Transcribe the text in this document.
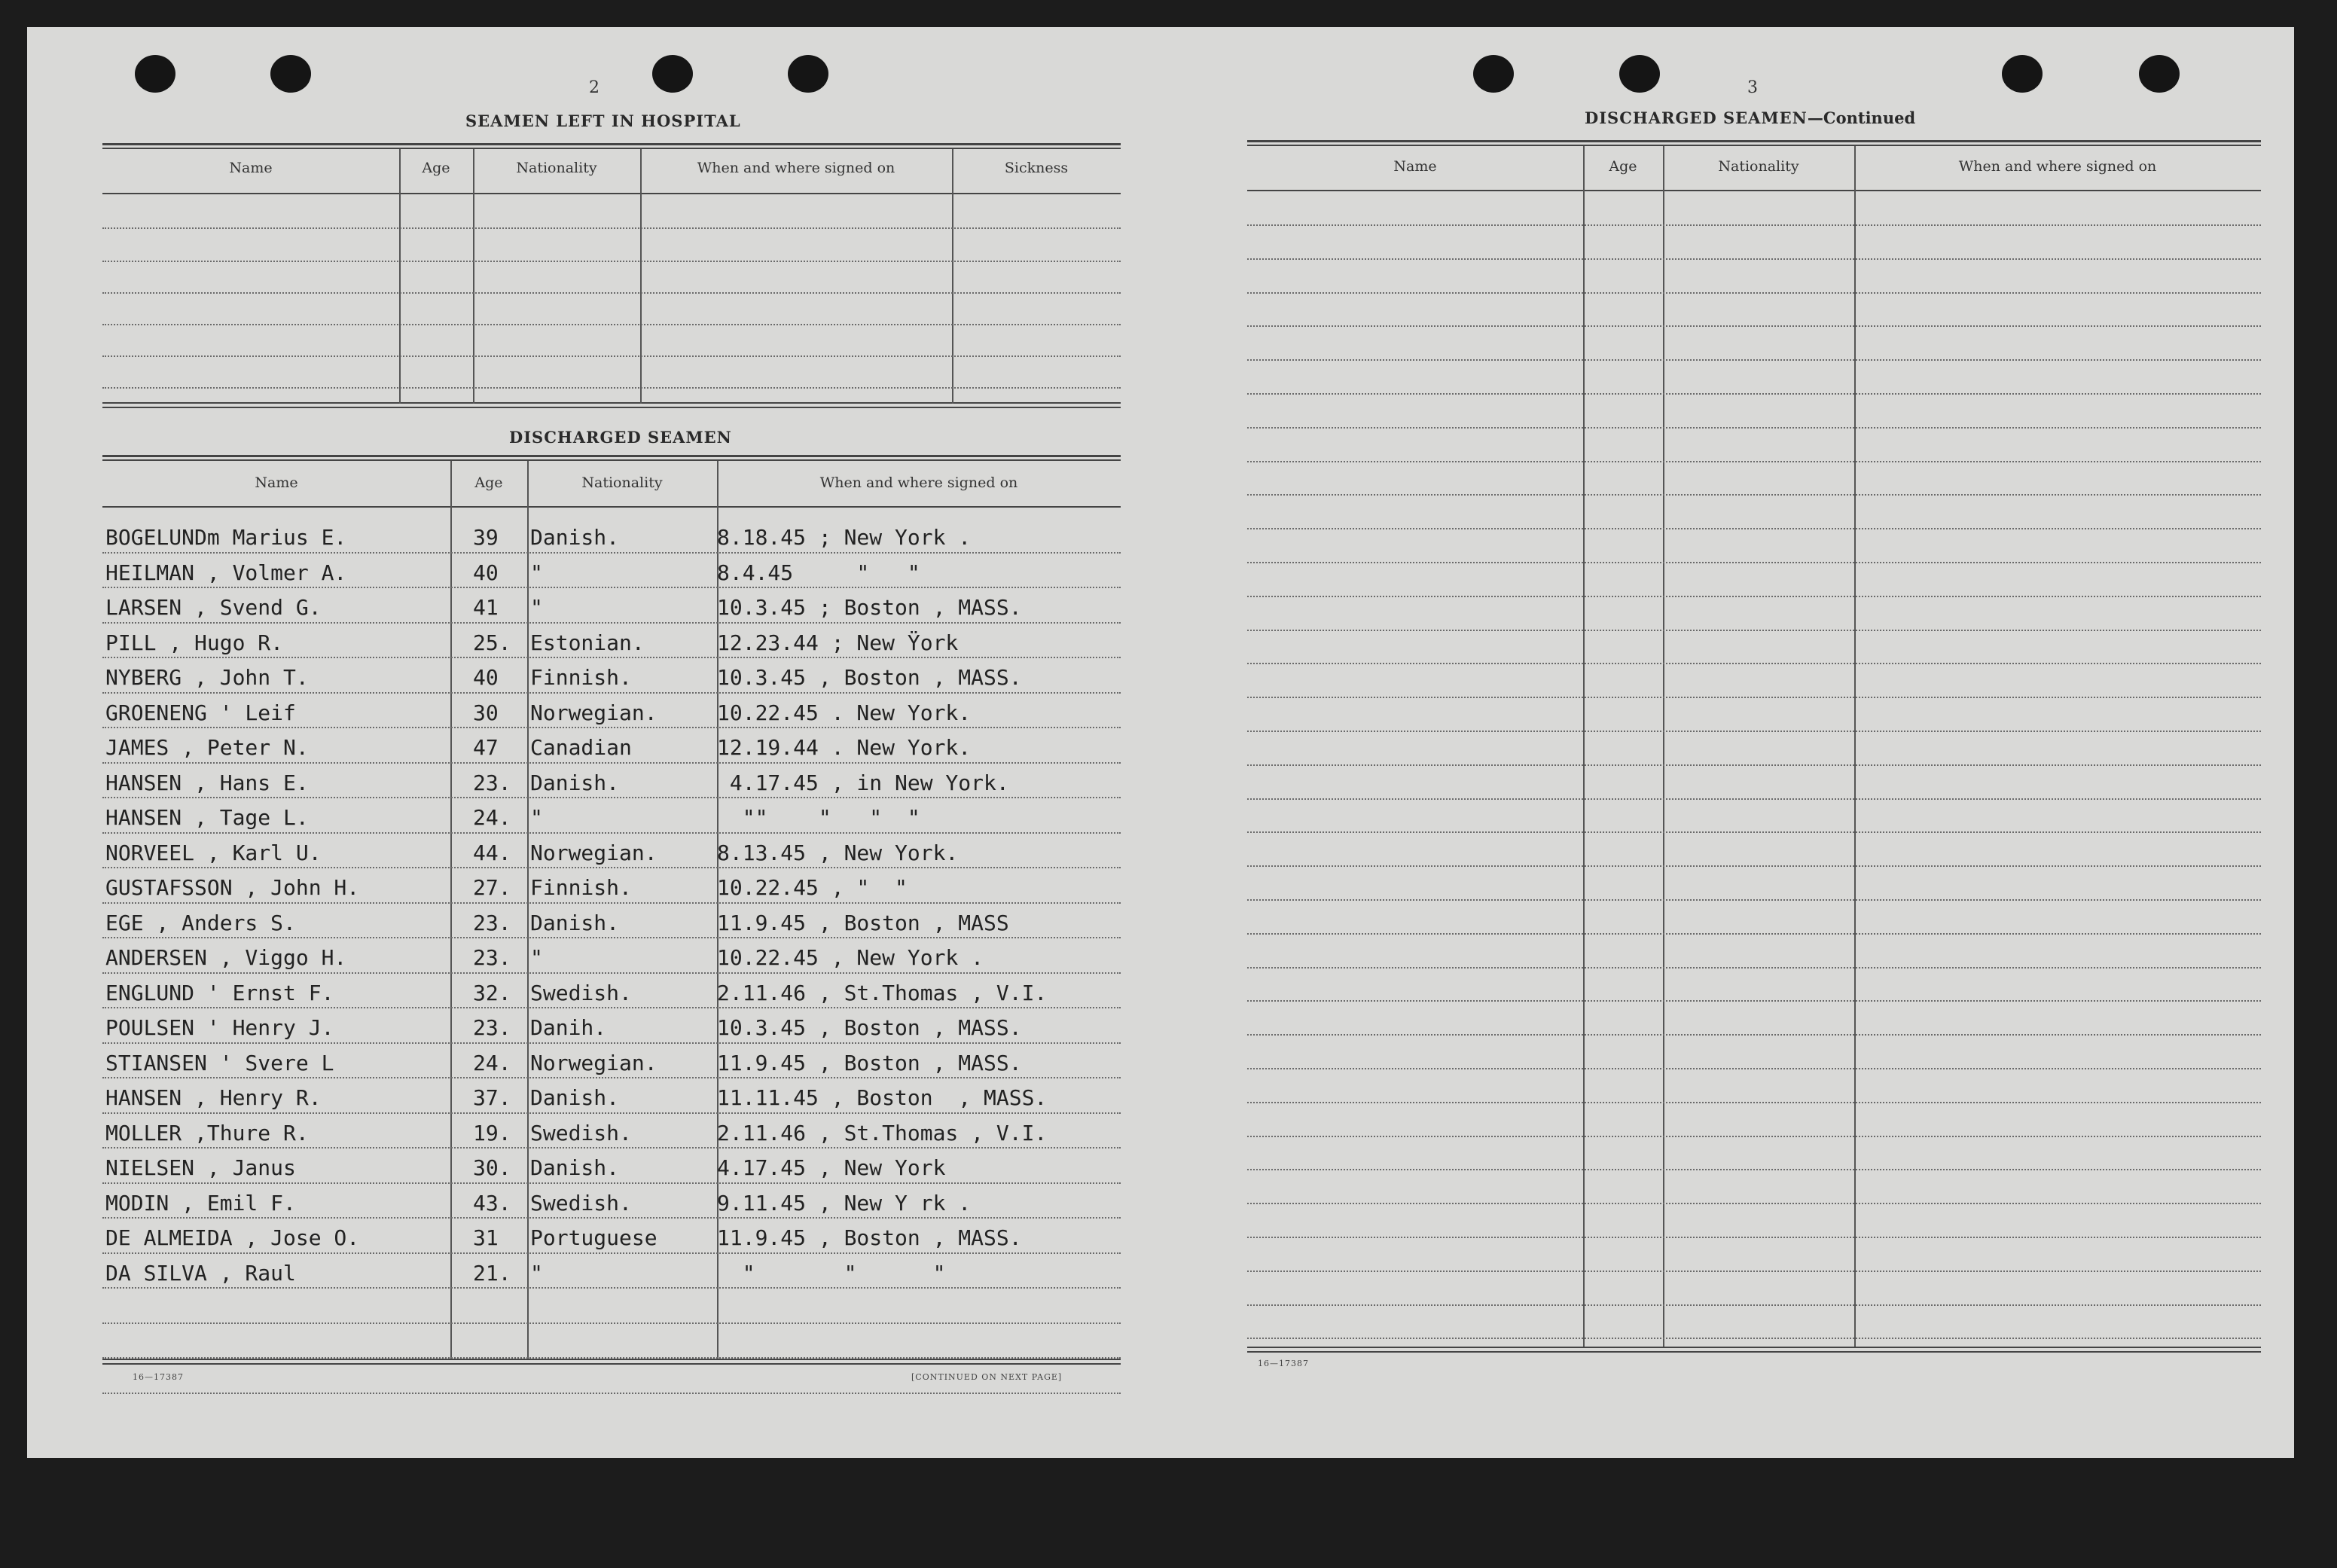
2
SEAMEN LEFT IN HOSPITAL
Name	Age	Nationality	When and where signed on	Sickness
DISCHARGED SEAMEN
Name	Age	Nationality	When and where signed on
BOGELUNDm Marius E.	39 Danish.	8.18.45 ; New York .
HEILMAN , Volmer A.	40 "	8.4.45     "   "
LARSEN , Svend G.	41 "	10.3.45 ; Boston , MASS.
PILL , Hugo R.	25. Estonian.	12.23.44 ; New Ÿork
NYBERG , John T.	40 Finnish.	10.3.45 , Boston , MASS.
GROENENG ' Leif	30 Norwegian.	10.22.45 . New York.
JAMES , Peter N.	47 Canadian	12.19.44 . New York.
HANSEN , Hans E.	23. Danish.	4.17.45 , in New York.
HANSEN , Tage L.	24. "	""    "   "  "
NORVEEL , Karl U.	44. Norwegian.	8.13.45 , New York.
GUSTAFSSON , John H.	27. Finnish.	10.22.45 , "  "
EGE , Anders S.	23. Danish.	11.9.45 , Boston , MASS
ANDERSEN , Viggo H.	23. "	10.22.45 , New York .
ENGLUND ' Ernst F.	32. Swedish.	2.11.46 , St.Thomas , V.I.
POULSEN ' Henry J.	23. Danih.	10.3.45 , Boston , MASS.
STIANSEN ' Svere L	24. Norwegian.	11.9.45 , Boston , MASS.
HANSEN , Henry R.	37. Danish.	11.11.45 , Boston  , MASS.
MOLLER ,Thure R.	19. Swedish.	2.11.46 , St.Thomas , V.I.
NIELSEN , Janus	30. Danish.	4.17.45 , New York
MODIN , Emil F.	43. Swedish.	9.11.45 , New Y rk .
DE ALMEIDA , Jose O.	31 Portuguese	11.9.45 , Boston , MASS.
DA SILVA , Raul	21. "	"       "      "
16—17387	[CONTINUED ON NEXT PAGE]
3
DISCHARGED SEAMEN—Continued
Name	Age	Nationality	When and where signed on
16—17387
